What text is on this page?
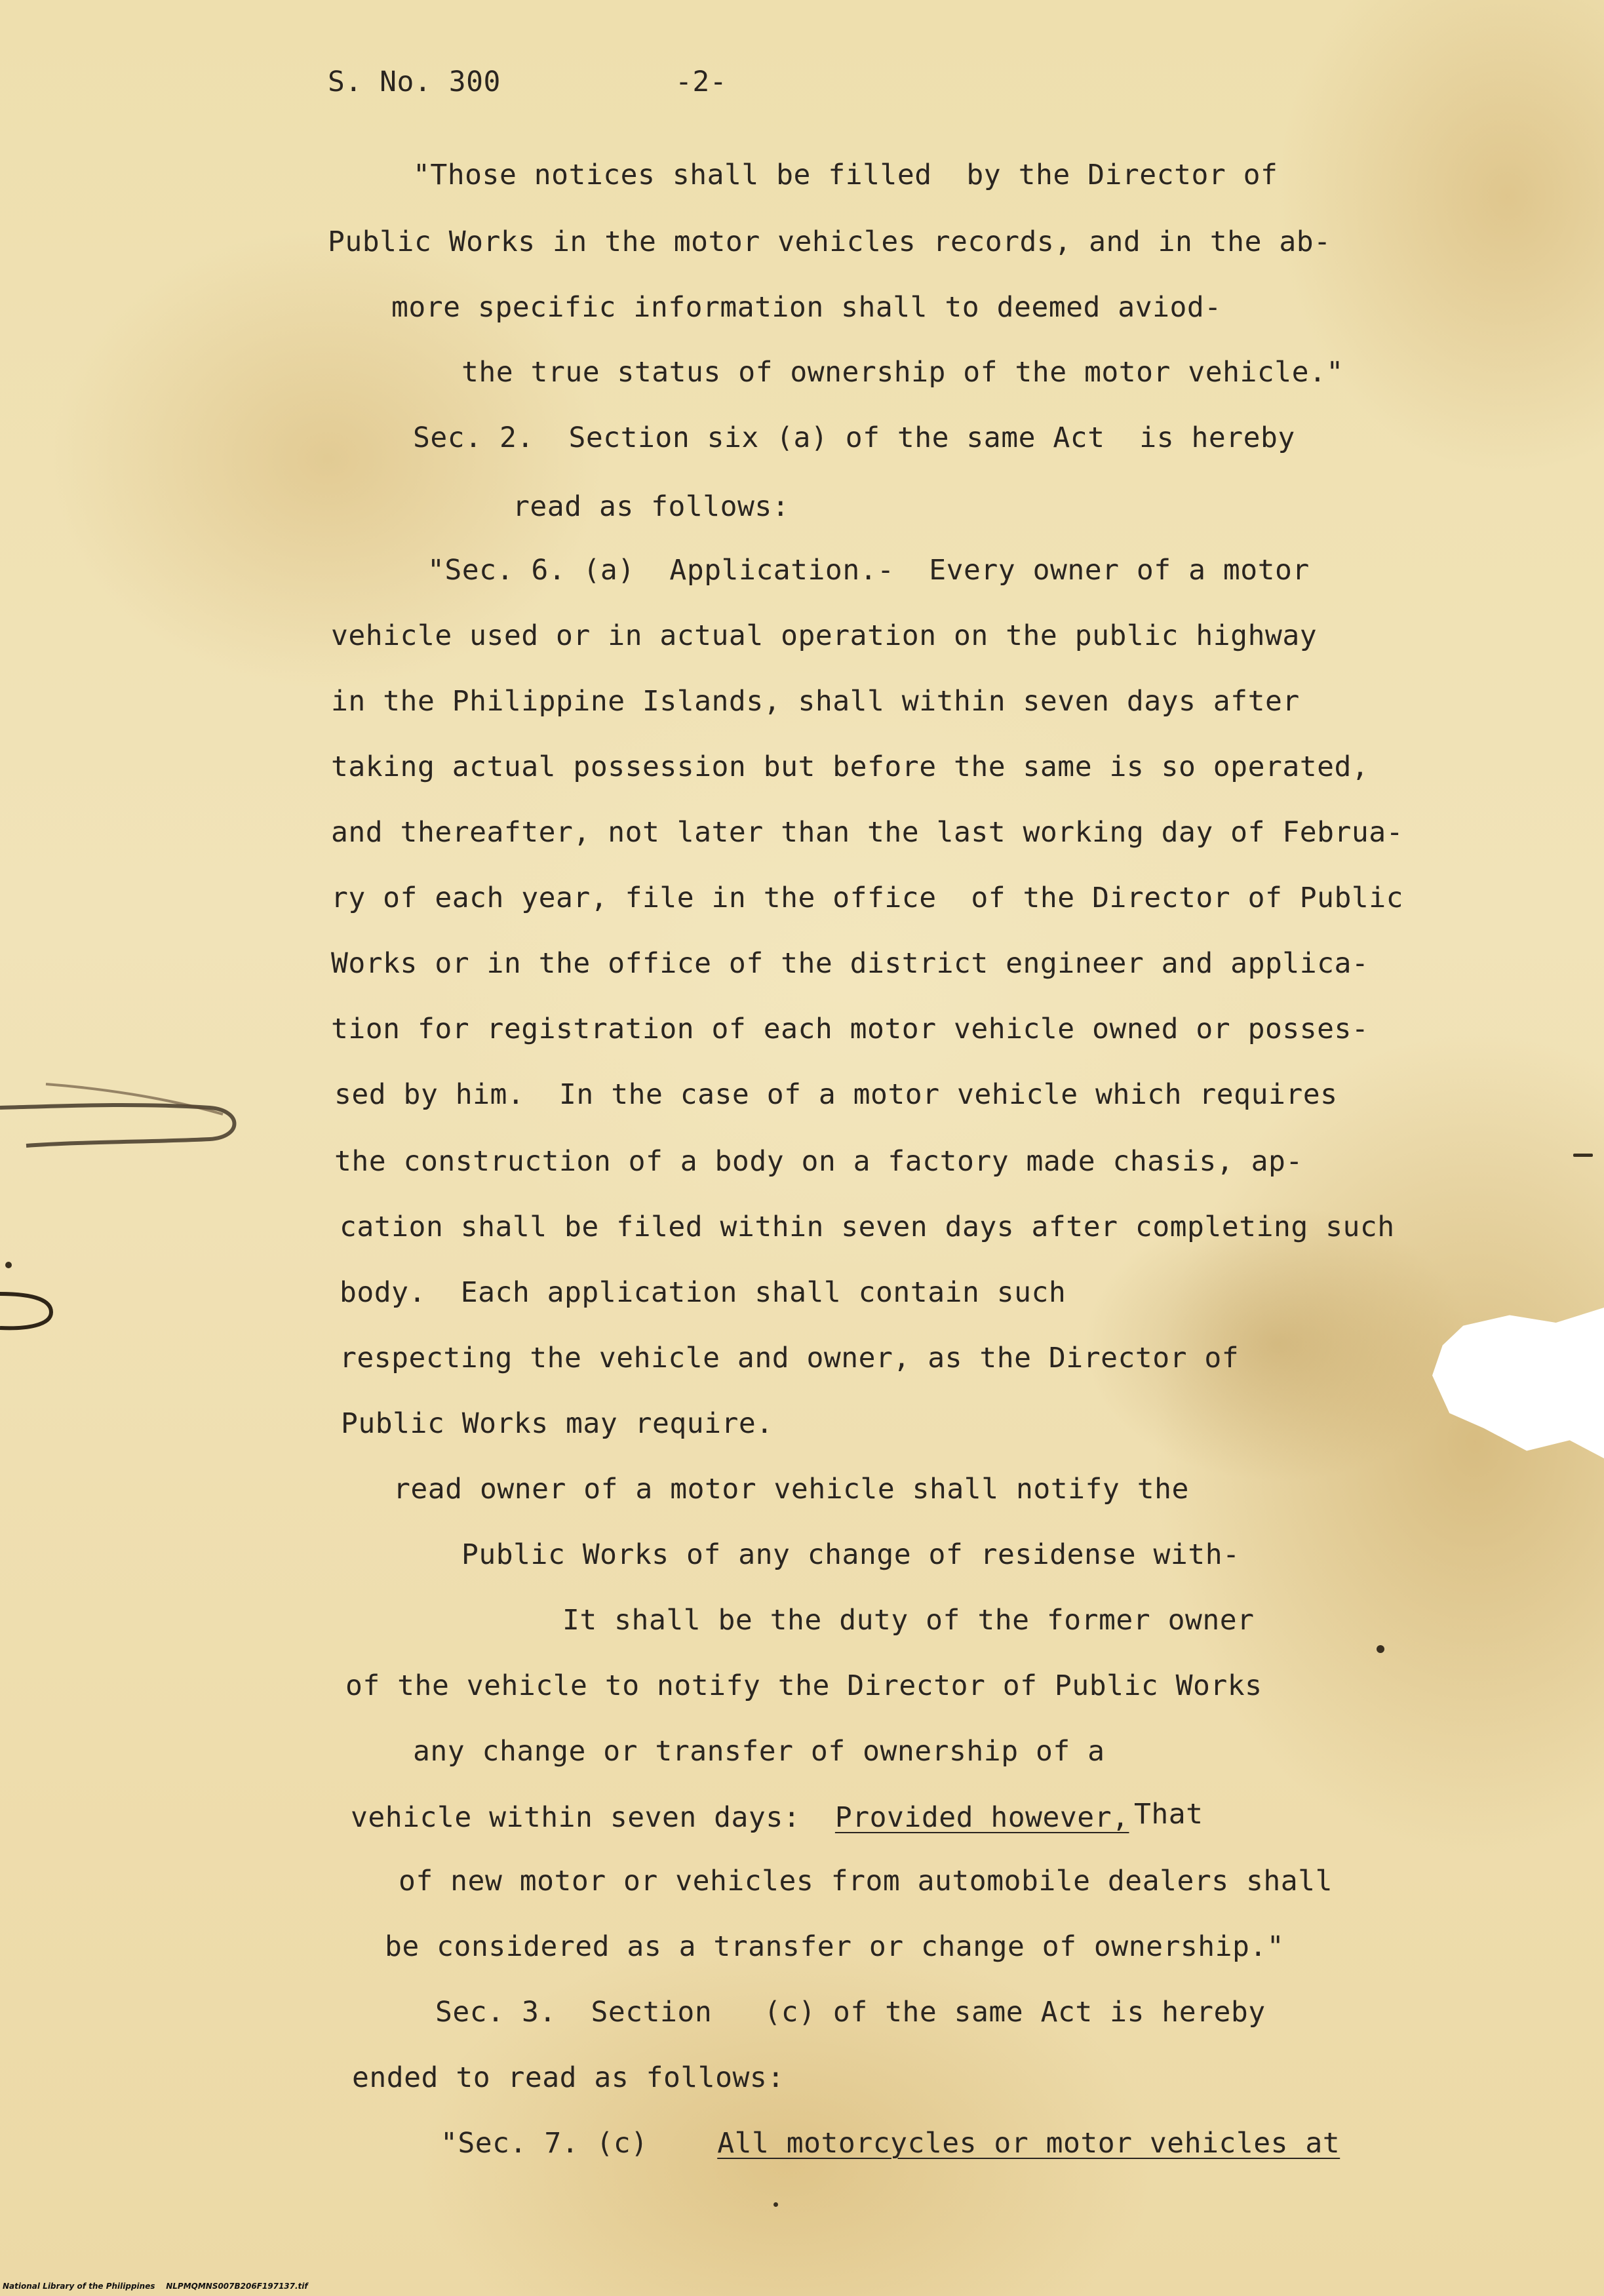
S. No. 300	-2-
"Those notices shall be filled  by the Director of
Public Works in the motor vehicles records, and in the ab-
more specific information shall to deemed aviod-
the true status of ownership of the motor vehicle."
Sec. 2.  Section six (a) of the same Act  is hereby
read as follows:
"Sec. 6. (a)  Application.-  Every owner of a motor
vehicle used or in actual operation on the public highway
in the Philippine Islands, shall within seven days after
taking actual possession but before the same is so operated,
and thereafter, not later than the last working day of Februa-
ry of each year, file in the office  of the Director of Public
Works or in the office of the district engineer and applica-
tion for registration of each motor vehicle owned or posses-
sed by him.  In the case of a motor vehicle which requires
the construction of a body on a factory made chasis, ap-
cation shall be filed within seven days after completing such
body.  Each application shall contain such
respecting the vehicle and owner, as the Director of
Public Works may require.
read owner of a motor vehicle shall notify the
Public Works of any change of residense with-
It shall be the duty of the former owner
of the vehicle to notify the Director of Public Works
any change or transfer of ownership of a
vehicle within seven days:  Provided however, That
of new motor or vehicles from automobile dealers shall
be considered as a transfer or change of ownership."
Sec. 3.  Section   (c) of the same Act is hereby
ended to read as follows:
"Sec. 7. (c)    All motorcycles or motor vehicles at
National Library of the Philippines NLPMQMNS007B206F197137.tif
